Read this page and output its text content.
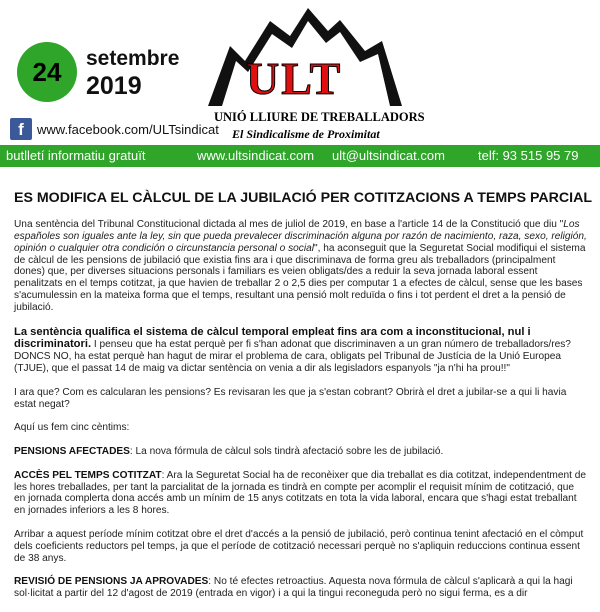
24 setembre
2019 ULT
UNIÓ LLIURE DE TREBALLADORS
El Sindicalisme de Proximitat
f	www.facebook.com/ULTsindicat
butlletí informatiu gratuït	www.ultsindicat.com ult@ultsindicat.com	telf: 93 515 95 79
ES MODIFICA EL CÀLCUL DE LA JUBILACIÓ PER COTITZACIONS A TEMPS PARCIAL

Una sentència del Tribunal Constitucional dictada al mes de juliol de 2019, en base a l'article 14 de la Constitució que diu "Los españoles son iguales ante la ley, sin que pueda prevalecer discriminación alguna por razón de nacimiento, raza, sexo, religión, opinión o cualquier otra condición o circunstancia personal o social", ha aconseguit que la Seguretat Social modifiqui el sistema de càlcul de les pensions de jubilació que existia fins ara i que discriminava de forma greu als treballadors (principalment dones) que, per diverses situacions personals i familiars es veien obligats/des a reduir la seva jornada laboral essent penalitzats en el temps cotitzat, ja que havien de treballar 2 o 2,5 dies per computar 1 a efectes de càlcul, sense que les bases s'acumulessin en la mateixa forma que el temps, resultant una pensió molt reduïda o fins i tot perdent el dret a la pensió de jubilació.

La sentència qualifica el sistema de càlcul temporal empleat fins ara com a inconstitucional, nul i discriminatori. I penseu que ha estat perquè per fi s'han adonat que discriminaven a un gran número de treballadors/res? DONCS NO, ha estat perquè han hagut de mirar el problema de cara, obligats pel Tribunal de Justícia de la Unió Europea (TJUE), que el passat 14 de maig va dictar sentència on venia a dir als legisladors espanyols "ja n'hi ha prou!!"

I ara que? Com es calcularan les pensions? Es revisaran les que ja s'estan cobrant? Obrirà el dret a jubilar-se a qui li havia estat negat?

Aquí us fem cinc cèntims:

PENSIONS AFECTADES: La nova fórmula de càlcul sols tindrà afectació sobre les de jubilació.

ACCÈS PEL TEMPS COTITZAT: Ara la Seguretat Social ha de reconèixer que dia treballat es dia cotitzat, independentment de les hores treballades, per tant la parcialitat de la jornada es tindrà en compte per acomplir el requisit mínim de cotització, que en jornada complerta dona accés amb un mínim de 15 anys cotitzats en tota la vida laboral, encara que s'hagi estat treballant en jornades inferiors a les 8 hores.

Arribar a aquest període mínim cotitzat obre el dret d'accés a la pensió de jubilació, però continua tenint afectació en el còmput dels coeficients reductors pel temps, ja que el període de cotització necessari perquè no s'apliquin reduccions continua essent de 38 anys.

REVISIÓ DE PENSIONS JA APROVADES: No té efectes retroactius. Aquesta nova fórmula de càlcul s'aplicarà a qui la hagi sol·licitat a partir del 12 d'agost de 2019 (entrada en vigor) i a qui la tingui reconeguda però no sigui ferma, es a dir
